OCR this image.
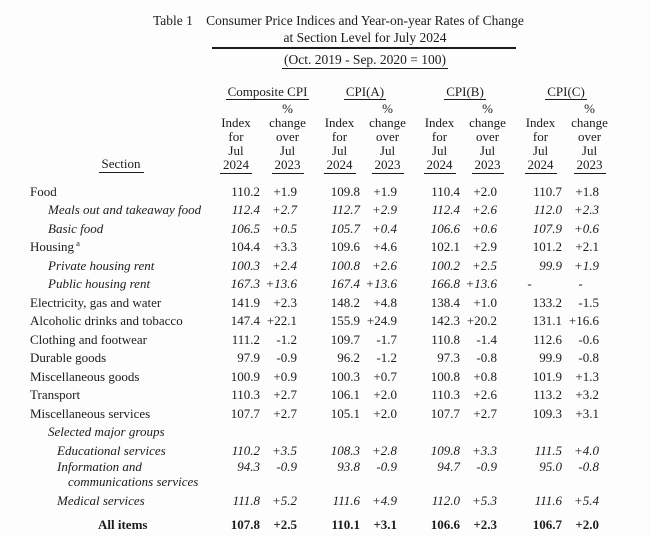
Table 1 Consumer Price Indices and Year-on-year Rates of Change
at Section Level for July 2024
(Oct. 2019 - Sep. 2020 = 100)
	Composite CPI		CPI(A)		CPI(B)		CPI(C)	
Section	
Index
for
Jul
2024

%
change
over
Jul
2023

Index
for
Jul
2024

%
change
over
Jul
2023

Index
for
Jul
2024

%
change
over
Jul
2023

Index
for
Jul
2024

%
change
over
Jul
2023

Food	110.2	+1.9	109.8	+1.9	110.4	+2.0	110.7	+1.8
Meals out and takeaway food	112.4	+2.7	112.7	+2.9	112.4	+2.6	112.0	+2.3
Basic food	106.5	+0.5	105.7	+0.4	106.6	+0.6	107.9	+0.6
Housing $^a$	104.4	+3.3	109.6	+4.6	102.1	+2.9	101.2	+2.1
Private housing rent	100.3	+2.4	100.8	+2.6	100.2	+2.5	99.9	+1.9
Public housing rent	167.3	+13.6	167.4	+13.6	166.8	+13.6	-	-
Electricity, gas and water	141.9	+2.3	148.2	+4.8	138.4	+1.0	133.2	-1.5
Alcoholic drinks and tobacco	147.4	+22.1	155.9	+24.9	142.3	+20.2	131.1	+16.6
Clothing and footwear	111.2	-1.2	109.7	-1.7	110.8	-1.4	112.6	-0.6
Durable goods	97.9	-0.9	96.2	-1.2	97.3	-0.8	99.9	-0.8
Miscellaneous goods	100.9	+0.9	100.3	+0.7	100.8	+0.8	101.9	+1.3
Transport	110.3	+2.7	106.1	+2.0	110.3	+2.6	113.2	+3.2
Miscellaneous services	107.7	+2.7	105.1	+2.0	107.7	+2.7	109.3	+3.1
Selected major groups								
Educational services	110.2	+3.5	108.3	+2.8	109.8	+3.3	111.5	+4.0
Information and
communications services	94.3	-0.9	93.8	-0.9	94.7	-0.9	95.0	-0.8
Medical services	111.8	+5.2	111.6	+4.9	112.0	+5.3	111.6	+5.4
All items	107.8	+2.5	110.1	+3.1	106.6	+2.3	106.7	+2.0
